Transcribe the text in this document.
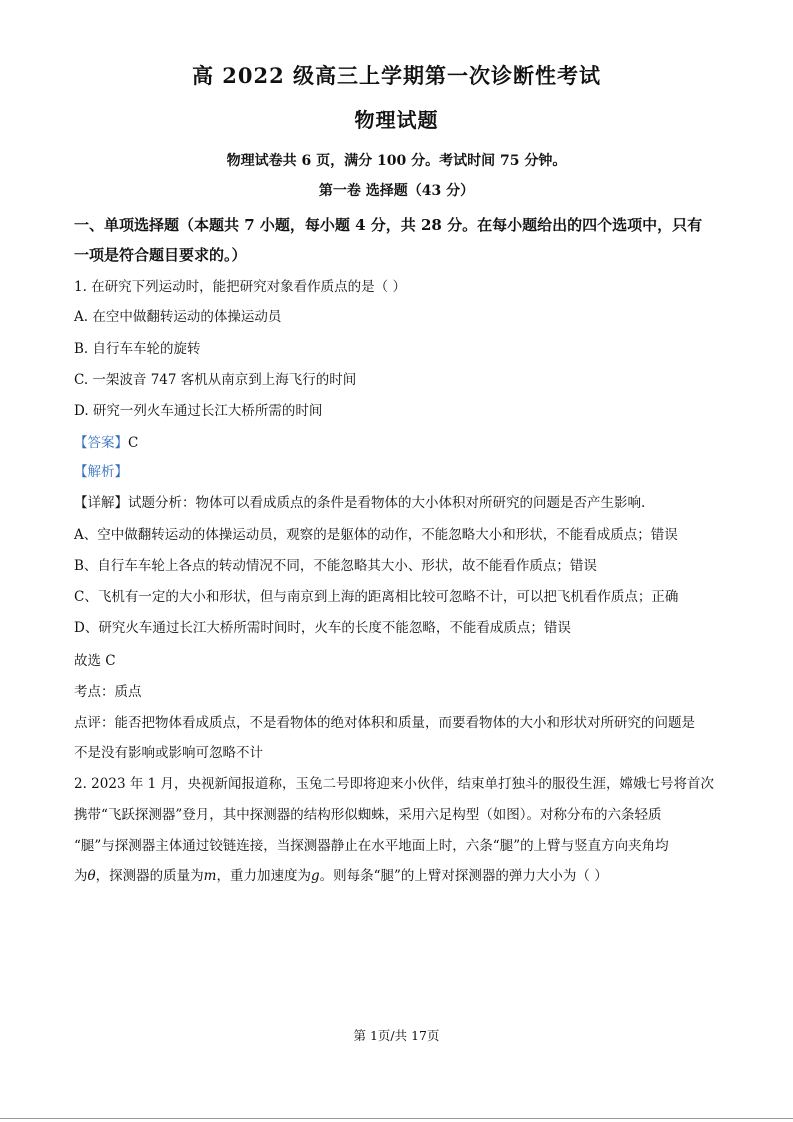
高 2022 级高三上学期第一次诊断性考试
物理试题
物理试卷共 6 页，满分 100 分。考试时间 75 分钟。
第一卷 选择题（43 分）
一、单项选择题（本题共 7 小题，每小题 4 分，共 28 分。在每小题给出的四个选项中，只有
一项是符合题目要求的。）
1. 在研究下列运动时，能把研究对象看作质点的是（ ）
A. 在空中做翻转运动的体操运动员
B. 自行车车轮的旋转
C. 一架波音 747 客机从南京到上海飞行的时间
D. 研究一列火车通过长江大桥所需的时间
【答案】C
【解析】
【详解】试题分析：物体可以看成质点的条件是看物体的大小体积对所研究的问题是否产生影响.
A、空中做翻转运动的体操运动员，观察的是躯体的动作，不能忽略大小和形状，不能看成质点；错误
B、自行车车轮上各点的转动情况不同，不能忽略其大小、形状，故不能看作质点；错误
C、飞机有一定的大小和形状，但与南京到上海的距离相比较可忽略不计，可以把飞机看作质点；正确
D、研究火车通过长江大桥所需时间时，火车的长度不能忽略，不能看成质点；错误
故选 C
考点：质点
点评：能否把物体看成质点，不是看物体的绝对体积和质量，而要看物体的大小和形状对所研究的问题是
不是没有影响或影响可忽略不计
2. 2023 年 1 月，央视新闻报道称，玉兔二号即将迎来小伙伴，结束单打独斗的服役生涯，嫦娥七号将首次
携带“飞跃探测器”登月，其中探测器的结构形似蜘蛛，采用六足构型（如图）。对称分布的六条轻质
“腿”与探测器主体通过铰链连接，当探测器静止在水平地面上时，六条“腿”的上臂与竖直方向夹角均
为θ，探测器的质量为m，重力加速度为g。则每条“腿”的上臂对探测器的弹力大小为（ ）
第 1页/共 17页
